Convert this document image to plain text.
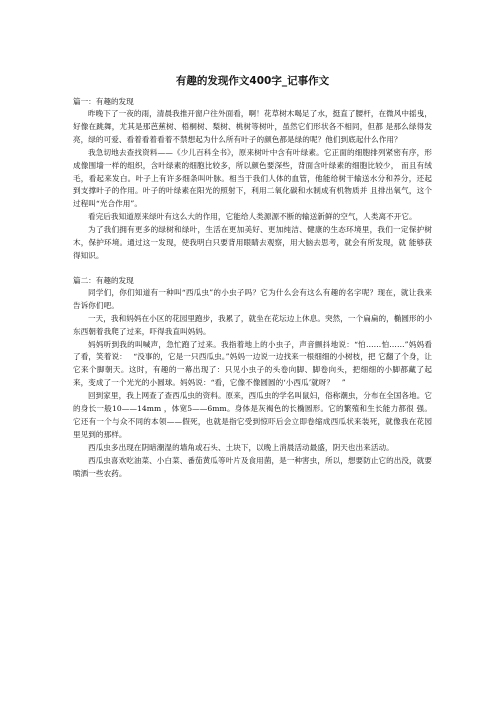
有趣的发现作文400字_记事作文

篇一：有趣的发现

昨晚下了一夜的雨，清晨我推开窗户往外面看，啊！花草树木喝足了水，挺直了腰杆，在微风中摇曳，好像在跳舞，尤其是那芭蕉树、梧桐树、梨树、桃树等树叶，虽然它们形状各不相同，但都 是那么绿得发亮，绿的可爱、看着看着看着不禁想起为什么所有叶子的颜色都是绿的呢？他们到底起什么作用？

我急切地去查找资料——《少儿百科全书》，原来树叶中含有叶绿素。它正面的细胞排列紧密有序，形成像围墙一样的组织，含叶绿素的细胞比较多，所以颜色要深些，背面含叶绿素的细胞比较少， 而且有绒毛，看起来发白。叶子上有许多细条叫叶脉。相当于我们人体的血管，他能给树干输送水分和养分，还起到支撑叶子的作用。叶子的叶绿素在阳光的照射下，利用二氧化碳和水制成有机物质并 且排出氧气，这个过程叫“光合作用”。

看完后我知道原来绿叶有这么大的作用，它能给人类源源不断的输送新鲜的空气，人类离不开它。

为了我们拥有更多的绿树和绿叶，生活在更加美好、更加纯洁、健康的生态环境里，我们一定保护树木，保护环境。通过这一发现，使我明白只要背用眼睛去观察，用大脑去思考，就会有所发现，就 能够获得知识。

篇二：有趣的发现

同学们，你们知道有一种叫“西瓜虫”的小虫子吗？它为什么会有这么有趣的名字呢？现在，就让我来告诉你们吧。

一天，我和妈妈在小区的花园里跑步，我累了，就坐在花坛边上休息。突然，一个扁扁的，椭圆形的小东西朝着我爬了过来，吓得我直叫妈妈。

妈妈听到我的叫喊声，急忙跑了过来。我指着地上的小虫子，声音颤抖地说：“怕……怕……”妈妈看了看，笑着说：　 “没事的，它是一只西瓜虫。”妈妈一边说一边找来一根细细的小树枝，把 它翻了个身，让它来个脚朝天。这时，有趣的一幕出现了：只见小虫子的头卷向脚、脚卷向头，把细细的小脚都藏了起来，变成了一个光光的小圆球。妈妈说：“看，它像不像圆圆的‘小西瓜’就呀？　”

回到家里，我上网查了查西瓜虫的资料。原来，西瓜虫的学名叫鼠妇，俗称潮虫，分布在全国各地。它的身长一般10——14mm ，体宽5——6mm。身体是灰褐色的长椭圆形。它的繁殖和生长能力都很 强。它还有一个与众不同的本领——假死，也就是指它受到惊吓后会立即卷缩成西瓜状来装死，就像我在花园里见到的那样。

西瓜虫多出现在阴暗潮湿的墙角或石头、土块下，以晚上消晨活动最盛，阴天也出来活动。

西瓜虫喜欢吃油菜、小白菜、番茄黄瓜等叶片及食用菌，是一种害虫，所以，想要防止它的出没，就要喷洒一些农药。
